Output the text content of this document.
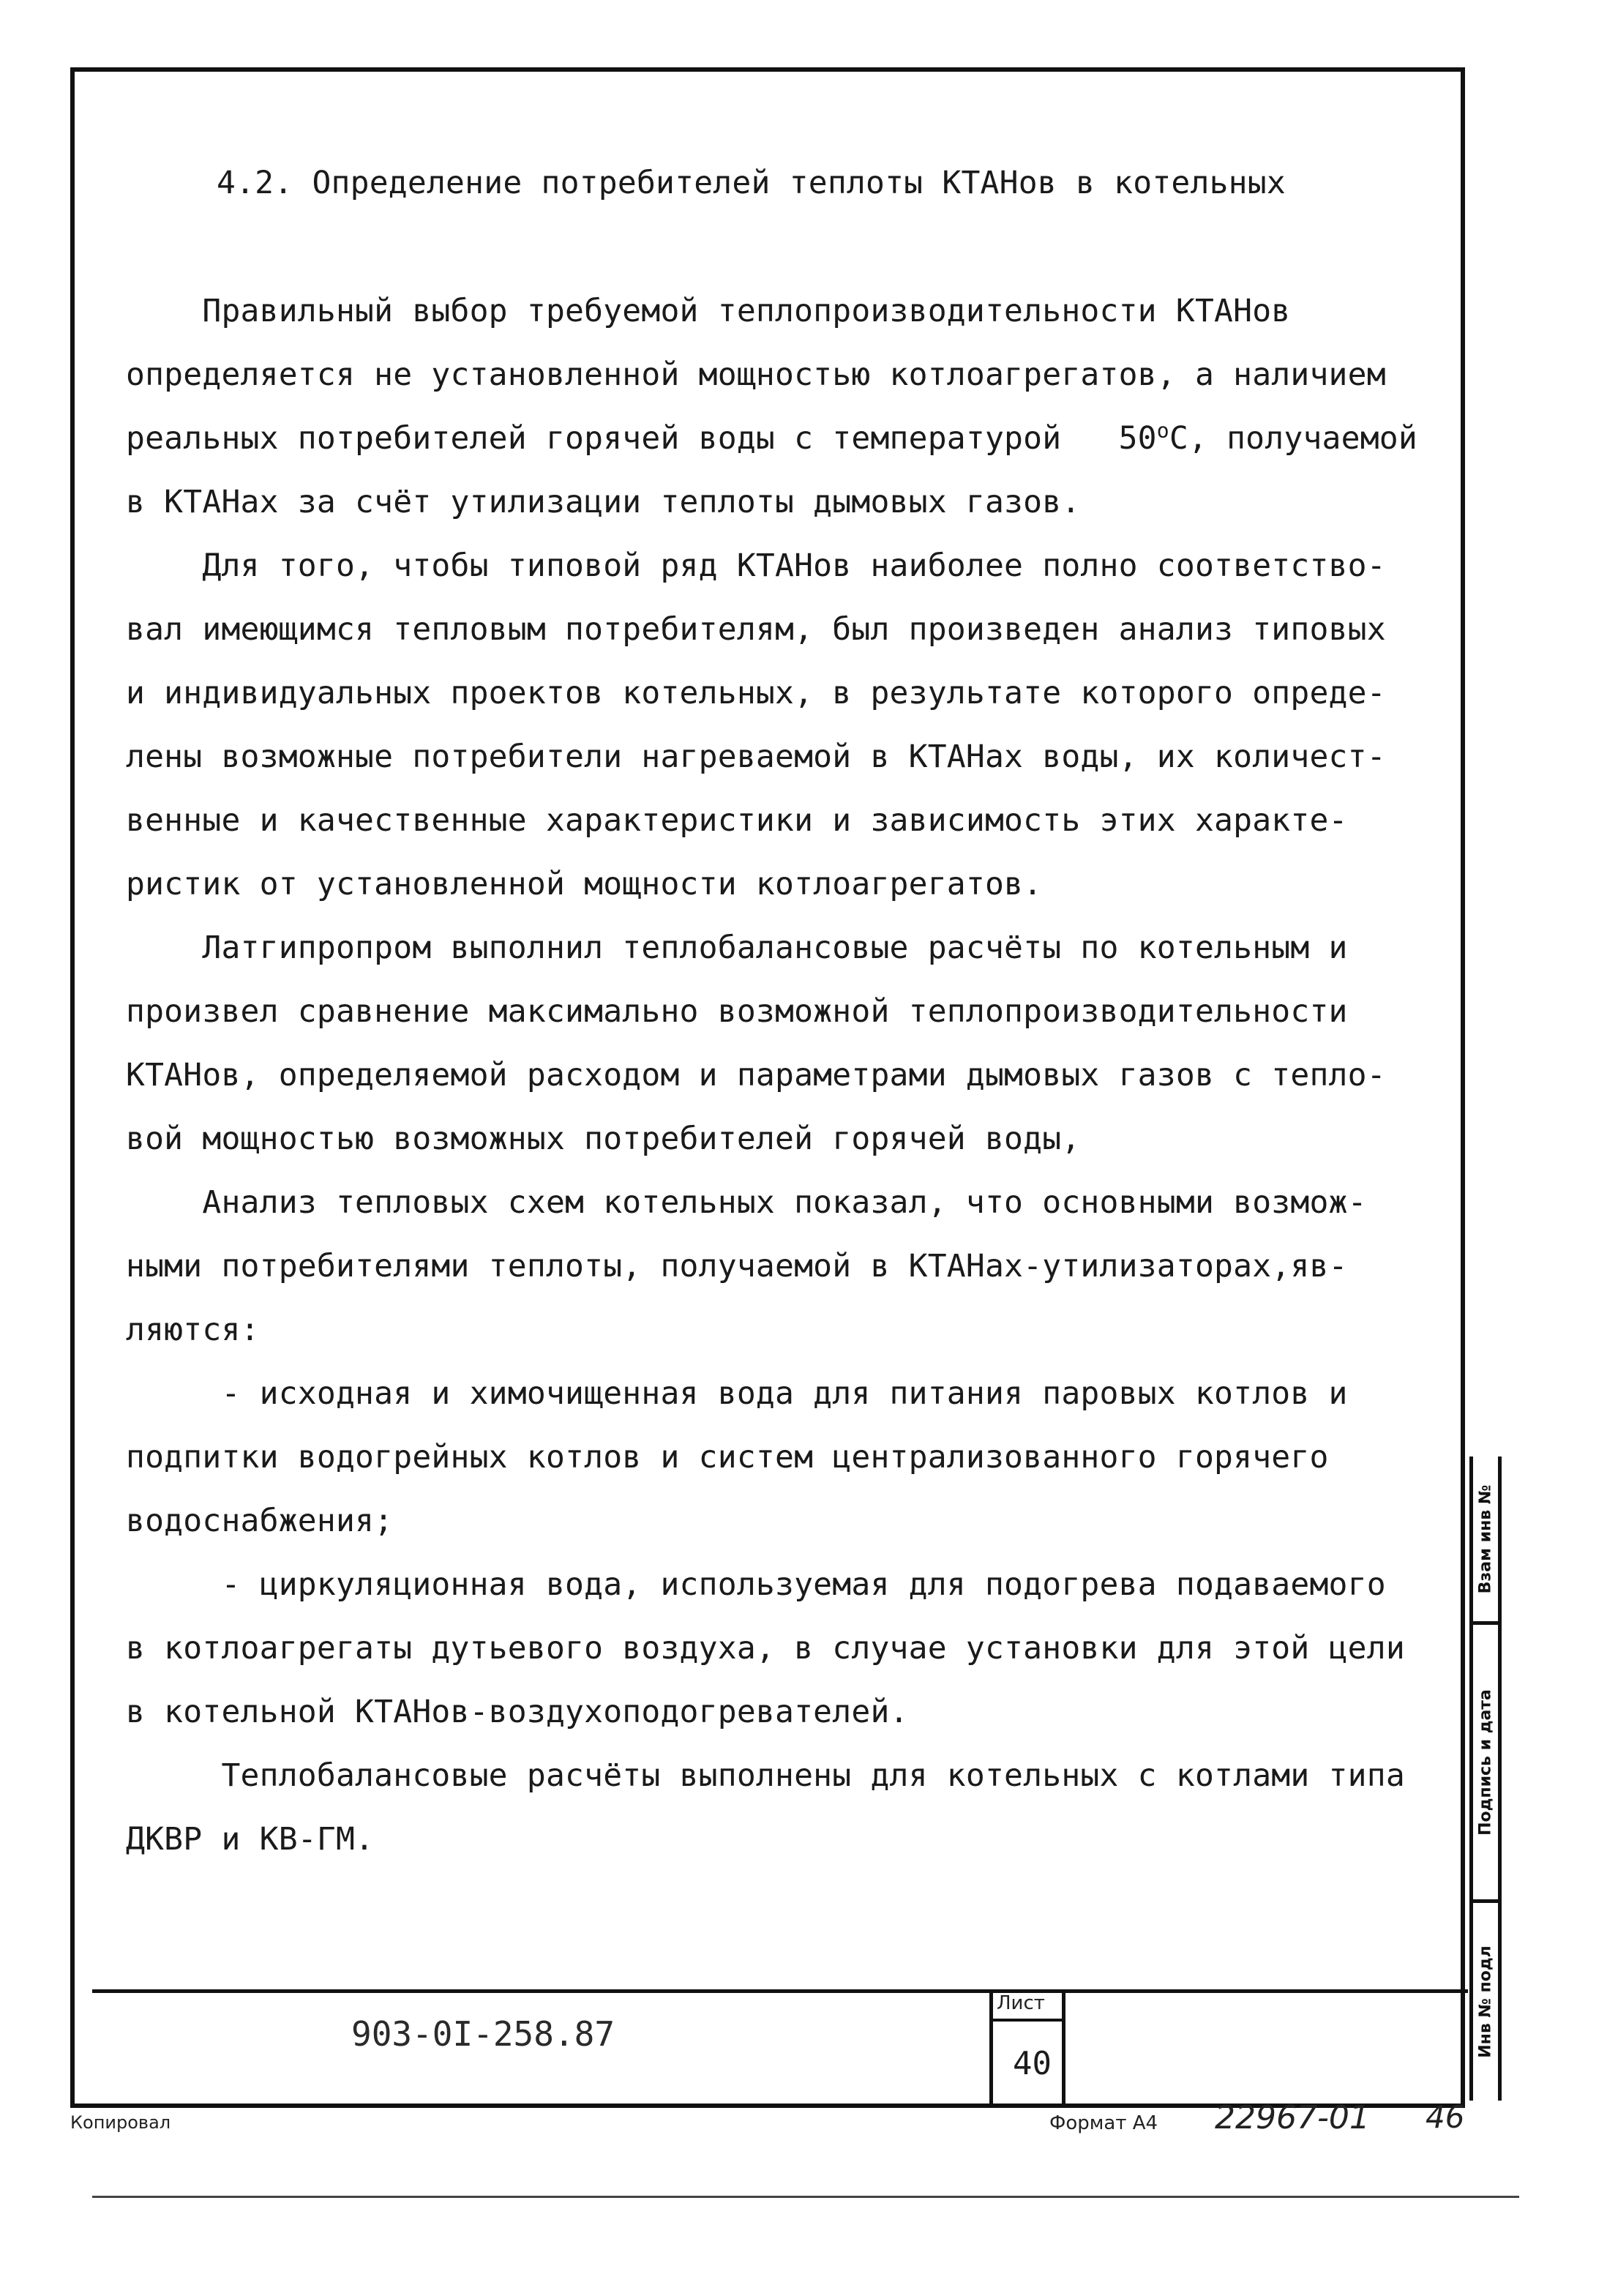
4.2. Определение потребителей теплоты КТАНов в котельных
Правильный выбор требуемой теплопроизводительности КТАНов
определяется не установленной мощностью котлоагрегатов, а наличием
реальных потребителей горячей воды с температурой   $50^оС$, получаемой
в КТАНах за счёт утилизации теплоты дымовых газов.
Для того, чтобы типовой ряд КТАНов наиболее полно соответство-
вал имеющимся тепловым потребителям, был произведен анализ типовых
и индивидуальных проектов котельных, в результате которого опреде-
лены возможные потребители нагреваемой в КТАНах воды, их количест-
венные и качественные характеристики и зависимость этих характе-
ристик от установленной мощности котлоагрегатов.
Латгипропром выполнил теплобалансовые расчёты по котельным и
произвел сравнение максимально возможной теплопроизводительности
КТАНов, определяемой расходом и параметрами дымовых газов с тепло-
вой мощностью возможных потребителей горячей воды,
Анализ тепловых схем котельных показал, что основными возмож-
ными потребителями теплоты, получаемой в КТАНах-утилизаторах,яв-
ляются:
- исходная и химочищенная вода для питания паровых котлов и
подпитки водогрейных котлов и систем централизованного горячего
водоснабжения;
- циркуляционная вода, используемая для подогрева подаваемого
в котлоагрегаты дутьевого воздуха, в случае установки для этой цели
в котельной КТАНов-воздухоподогревателей.
Теплобалансовые расчёты выполнены для котельных с котлами типа
ДКВР и КВ-ГМ.
Лист
40
903-0I-258.87
Копировал	Формат А4 22967-01 46
Взам инв №
Подпись и дата
Инв № подл
